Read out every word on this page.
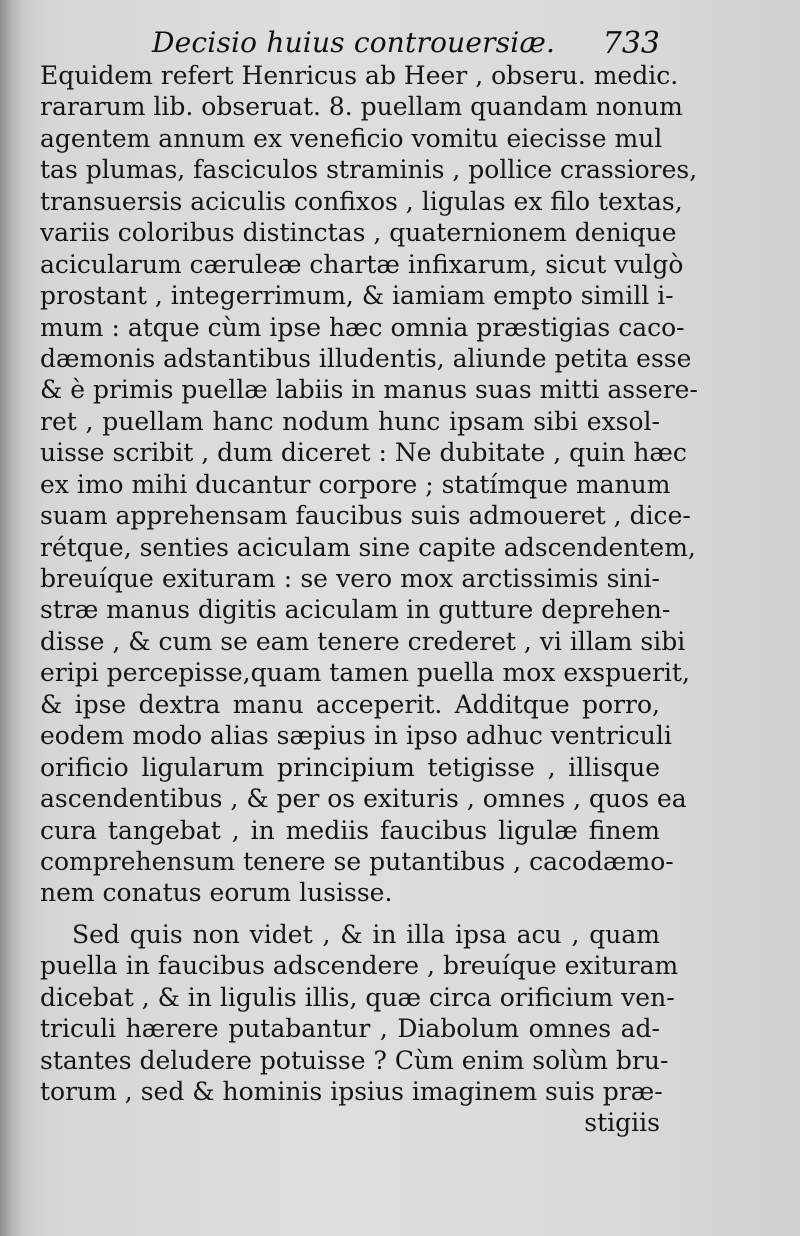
Decisio huius controuersiæ. 733
Equidem refert Henricus ab Heer , obseru. medic.
rararum lib. obseruat. 8. puellam quandam nonum
agentem annum ex veneficio vomitu eiecisse mul
tas plumas, fasciculos straminis , pollice crassiores,
transuersis aciculis confixos , ligulas ex filo textas,
variis coloribus distinctas , quaternionem denique
acicularum cæruleæ chartæ infixarum, sicut vulgò
prostant , integerrimum, & iamiam empto simill i-
mum : atque cùm ipse hæc omnia præstigias caco-
dæmonis adstantibus illudentis, aliunde petita esse
& è primis puellæ labiis in manus suas mitti assere-
ret , puellam hanc nodum hunc ipsam sibi exsol-
uisse scribit , dum diceret : Ne dubitate , quin hæc
ex imo mihi ducantur corpore ; statímque manum
suam apprehensam faucibus suis admoueret , dice-
rétque, senties aciculam sine capite adscendentem,
breuíque exituram : se vero mox arctissimis sini-
stræ manus digitis aciculam in gutture deprehen-
disse , & cum se eam tenere crederet , vi illam sibi
eripi percepisse,quam tamen puella mox exspuerit,
& ipse dextra manu acceperit. Additque porro,
eodem modo alias sæpius in ipso adhuc ventriculi
orificio ligularum principium tetigisse , illisque
ascendentibus , & per os exituris , omnes , quos ea
cura tangebat , in mediis faucibus ligulæ finem
comprehensum tenere se putantibus , cacodæmo-
nem conatus eorum lusisse.
Sed quis non videt , & in illa ipsa acu , quam
puella in faucibus adscendere , breuíque exituram
dicebat , & in ligulis illis, quæ circa orificium ven-
triculi hærere putabantur , Diabolum omnes ad-
stantes deludere potuisse ? Cùm enim solùm bru-
torum , sed & hominis ipsius imaginem suis præ-
stigiis
